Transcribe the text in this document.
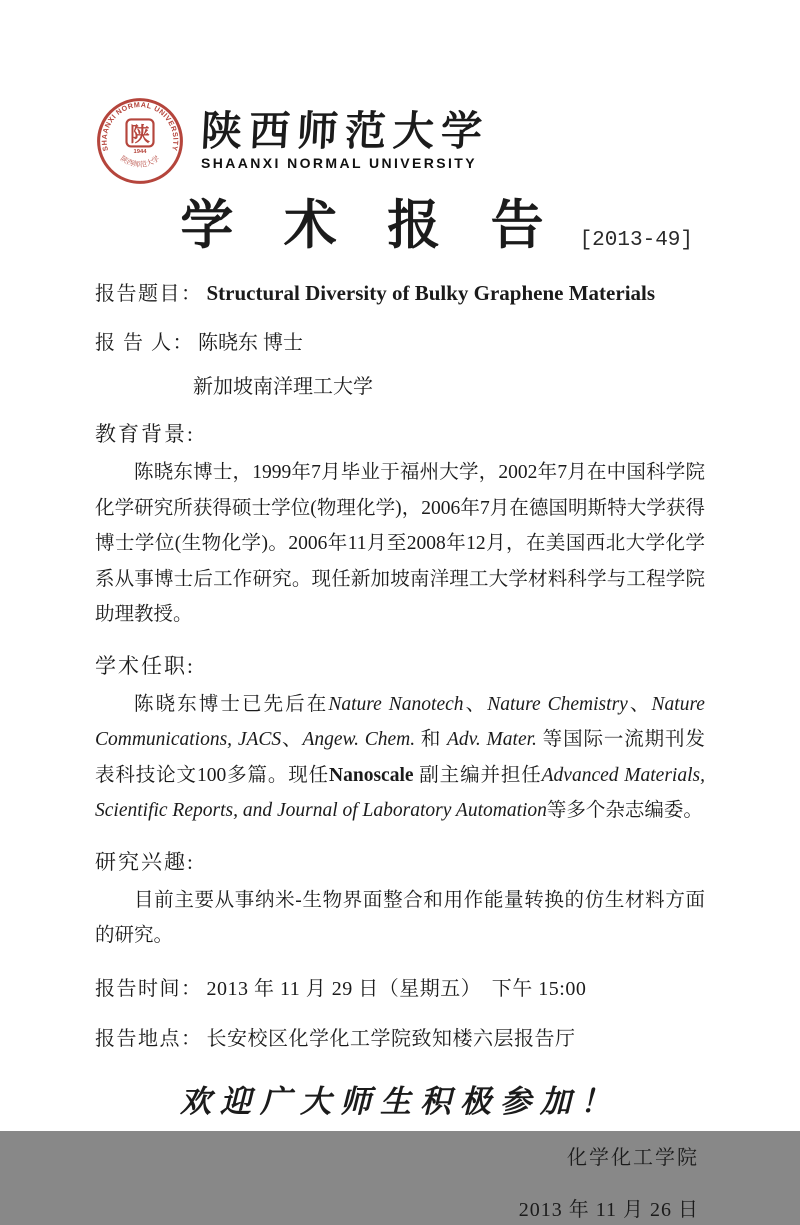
SHAANXI NORMAL UNIVERSITY
陕
1944
陕西师范大学
陕西师范大学
SHAANXI NORMAL UNIVERSITY
学 术 报 告 [2013-49]
报告题目： Structural Diversity of Bulky Graphene Materials
报 告 人： 陈晓东 博士
新加坡南洋理工大学
教育背景:
陈晓东博士，1999年7月毕业于福州大学，2002年7月在中国科学院化学研究所获得硕士学位(物理化学)，2006年7月在德国明斯特大学获得博士学位(生物化学)。2006年11月至2008年12月，在美国西北大学化学系从事博士后工作研究。现任新加坡南洋理工大学材料科学与工程学院助理教授。
学术任职:
陈晓东博士已先后在Nature Nanotech、Nature Chemistry、Nature Communications, JACS、Angew. Chem. 和 Adv. Mater. 等国际一流期刊发表科技论文100多篇。现任Nanoscale 副主编并担任Advanced Materials, Scientific Reports, and Journal of Laboratory Automation等多个杂志编委。
研究兴趣:
目前主要从事纳米-生物界面整合和用作能量转换的仿生材料方面的研究。
报告时间： 2013 年 11 月 29 日（星期五）　下午 15:00
报告地点： 长安校区化学化工学院致知楼六层报告厅
欢迎广大师生积极参加！
化学化工学院
2013 年 11 月 26 日
